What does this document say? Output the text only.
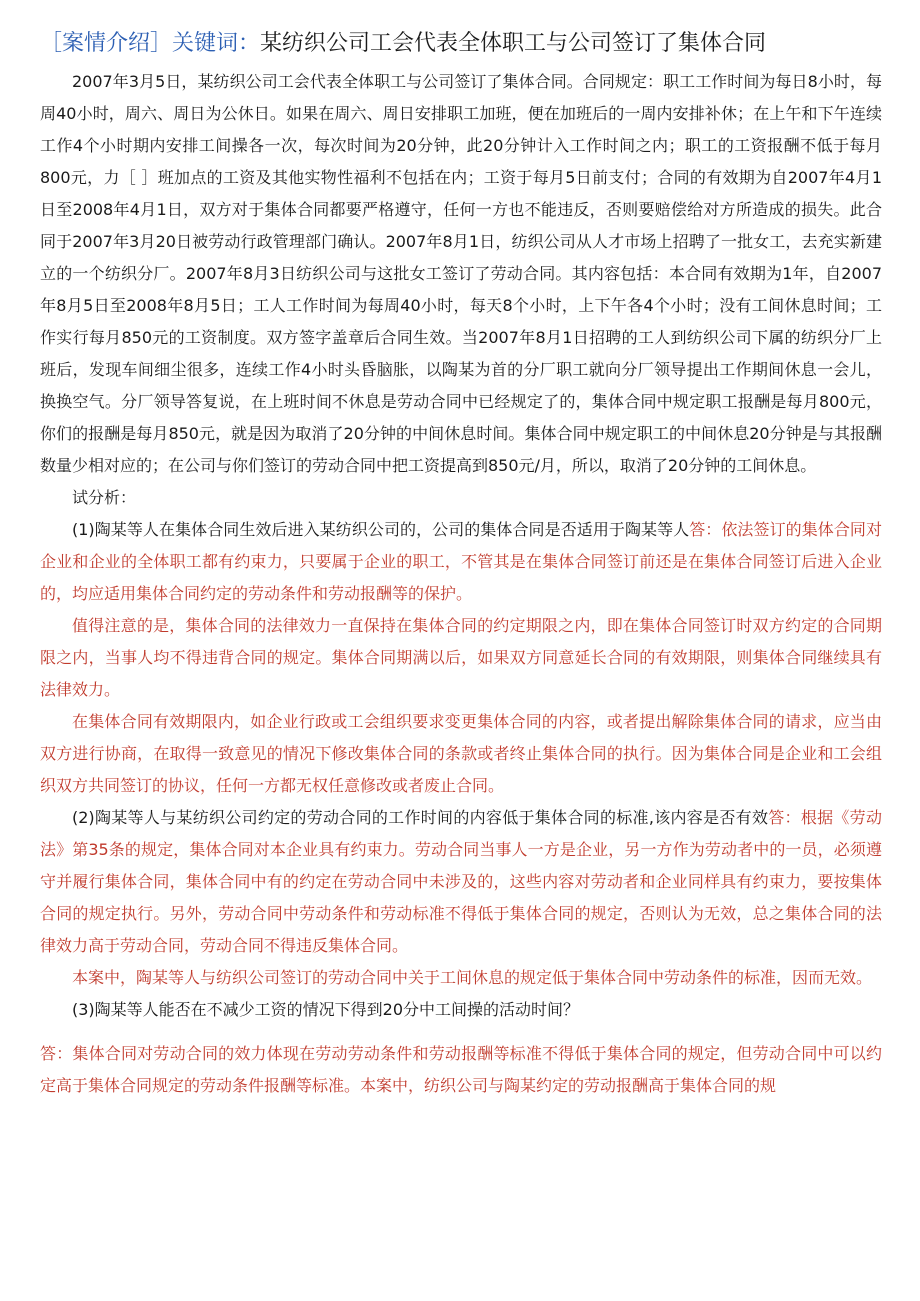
［案情介绍］关键词：某纺织公司工会代表全体职工与公司签订了集体合同

2007年3月5日，某纺织公司工会代表全体职工与公司签订了集体合同。合同规定：职工工作时间为每日8小时，每周40小时，周六、周日为公休日。如果在周六、周日安排职工加班，便在加班后的一周内安排补休；在上午和下午连续工作4个小时期内安排工间操各一次，每次时间为20分钟，此20分钟计入工作时间之内；职工的工资报酬不低于每月800元，力［ ］班加点的工资及其他实物性福利不包括在内；工资于每月5日前支付；合同的有效期为自2007年4月1日至2008年4月1日，双方对于集体合同都要严格遵守，任何一方也不能违反，否则要赔偿给对方所造成的损失。此合同于2007年3月20日被劳动行政管理部门确认。2007年8月1日，纺织公司从人才市场上招聘了一批女工，去充实新建立的一个纺织分厂。2007年8月3日纺织公司与这批女工签订了劳动合同。其内容包括：本合同有效期为1年，自2007年8月5日至2008年8月5日；工人工作时间为每周40小时，每天8个小时，上下午各4个小时；没有工间休息时间；工作实行每月850元的工资制度。双方签字盖章后合同生效。当2007年8月1日招聘的工人到纺织公司下属的纺织分厂上班后，发现车间细尘很多，连续工作4小时头昏脑胀，以陶某为首的分厂职工就向分厂领导提出工作期间休息一会儿，换换空气。分厂领导答复说，在上班时间不休息是劳动合同中已经规定了的，集体合同中规定职工报酬是每月800元，你们的报酬是每月850元，就是因为取消了20分钟的中间休息时间。集体合同中规定职工的中间休息20分钟是与其报酬数量少相对应的；在公司与你们签订的劳动合同中把工资提高到850元/月，所以，取消了20分钟的工间休息。

试分析：

(1)陶某等人在集体合同生效后进入某纺织公司的，公司的集体合同是否适用于陶某等人答：依法签订的集体合同对企业和企业的全体职工都有约束力，只要属于企业的职工，不管其是在集体合同签订前还是在集体合同签订后进入企业的，均应适用集体合同约定的劳动条件和劳动报酬等的保护。

值得注意的是，集体合同的法律效力一直保持在集体合同的约定期限之内，即在集体合同签订时双方约定的合同期限之内，当事人均不得违背合同的规定。集体合同期满以后，如果双方同意延长合同的有效期限，则集体合同继续具有法律效力。

在集体合同有效期限内，如企业行政或工会组织要求变更集体合同的内容，或者提出解除集体合同的请求，应当由双方进行协商，在取得一致意见的情况下修改集体合同的条款或者终止集体合同的执行。因为集体合同是企业和工会组织双方共同签订的协议，任何一方都无权任意修改或者废止合同。

(2)陶某等人与某纺织公司约定的劳动合同的工作时间的内容低于集体合同的标准,该内容是否有效答：根据《劳动法》第35条的规定，集体合同对本企业具有约束力。劳动合同当事人一方是企业，另一方作为劳动者中的一员，必须遵守并履行集体合同，集体合同中有的约定在劳动合同中未涉及的，这些内容对劳动者和企业同样具有约束力，要按集体合同的规定执行。另外，劳动合同中劳动条件和劳动标准不得低于集体合同的规定，否则认为无效，总之集体合同的法律效力高于劳动合同，劳动合同不得违反集体合同。

本案中，陶某等人与纺织公司签订的劳动合同中关于工间休息的规定低于集体合同中劳动条件的标准，因而无效。

(3)陶某等人能否在不减少工资的情况下得到20分中工间操的活动时间？

答：集体合同对劳动合同的效力体现在劳动劳动条件和劳动报酬等标准不得低于集体合同的规定，但劳动合同中可以约定高于集体合同规定的劳动条件报酬等标准。本案中，纺织公司与陶某约定的劳动报酬高于集体合同的规
